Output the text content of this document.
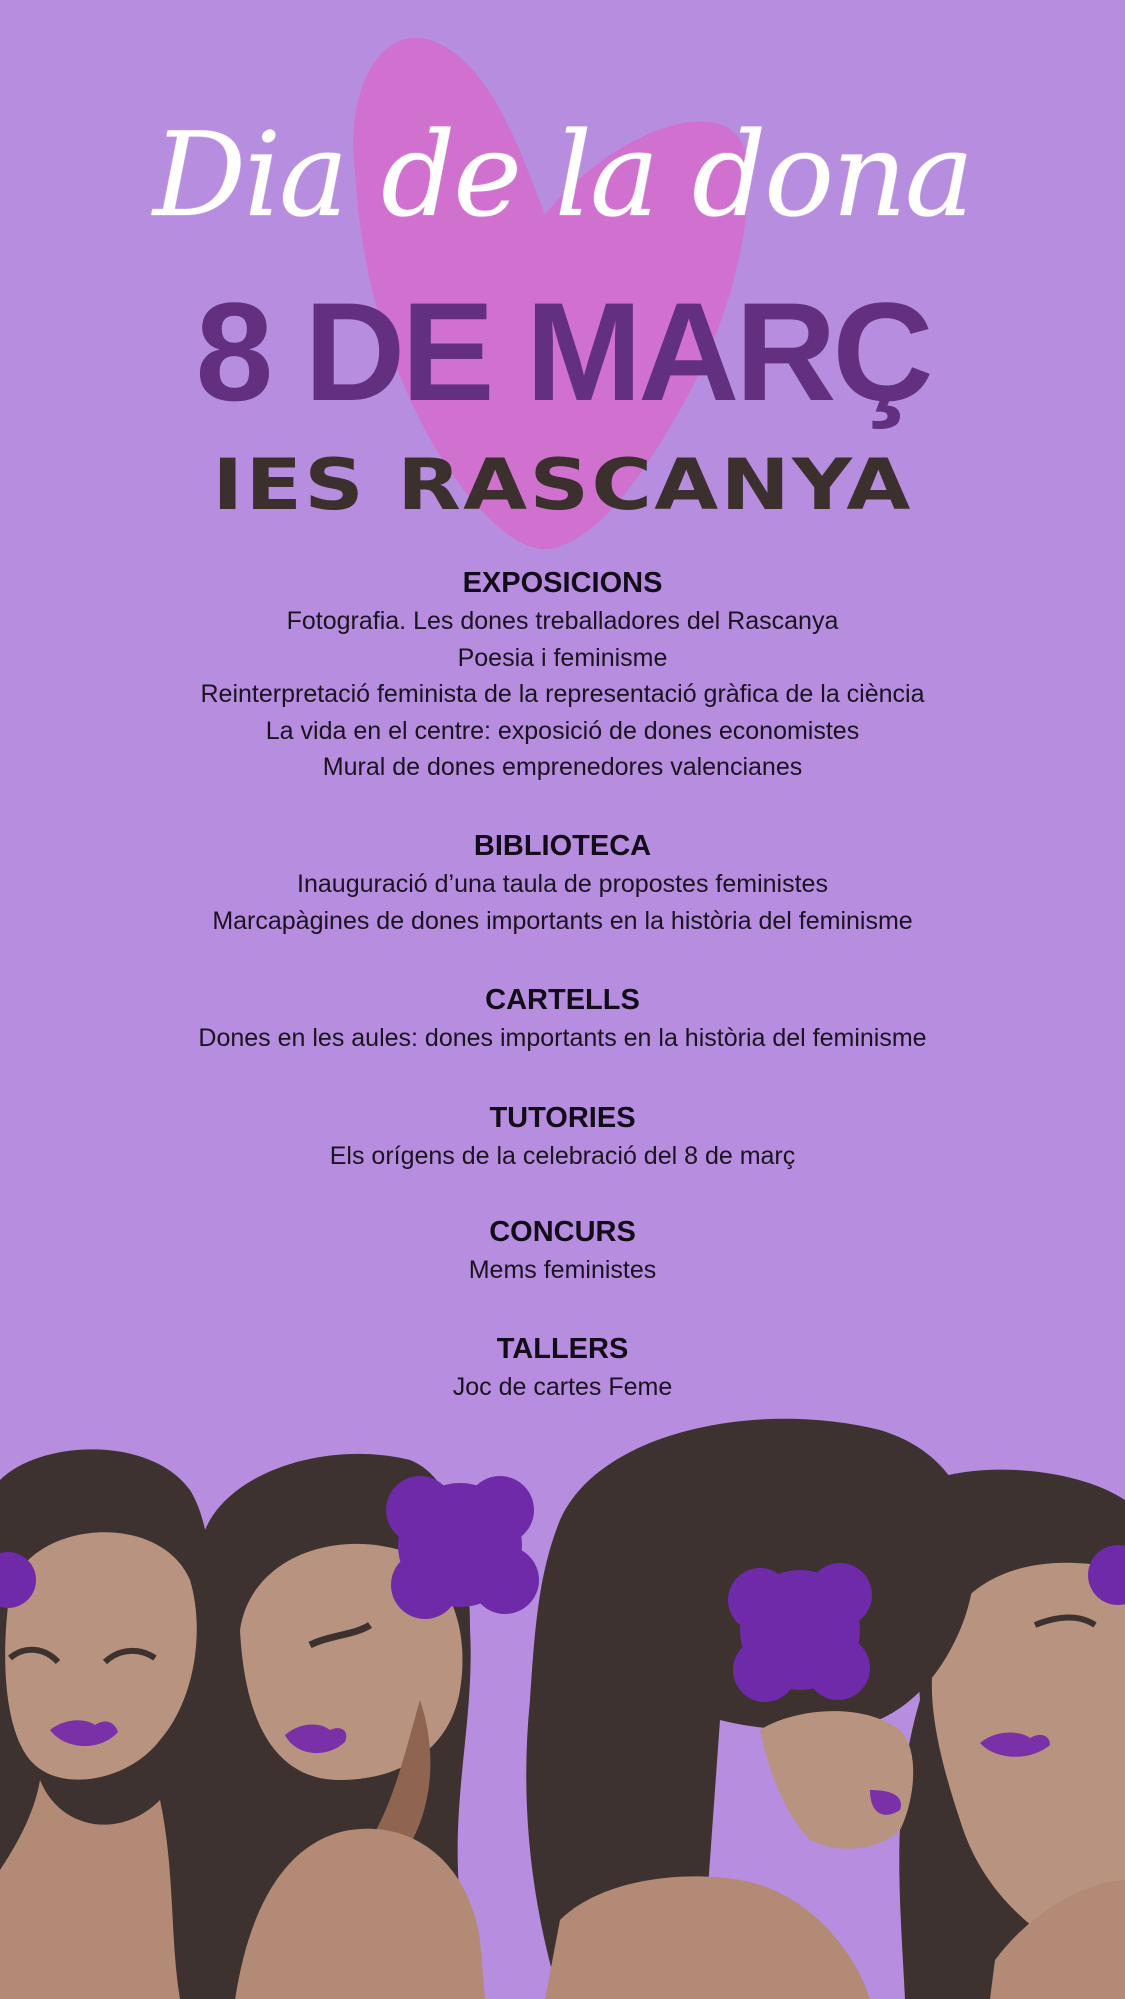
Dia de la dona
8 DE MARÇ
IES RASCANYA

EXPOSICIONS

Fotografia. Les dones treballadores del Rascanya

Poesia i feminisme

Reinterpretació feminista de la representació gràfica de la ciència

La vida en el centre: exposició de dones economistes

Mural de dones emprenedores valencianes

BIBLIOTECA

Inauguració d’una taula de propostes feministes

Marcapàgines de dones importants en la història del feminisme

CARTELLS

Dones en les aules: dones importants en la història del feminisme

TUTORIES

Els orígens de la celebració del 8 de març

CONCURS

Mems feministes

TALLERS

Joc de cartes Feme
